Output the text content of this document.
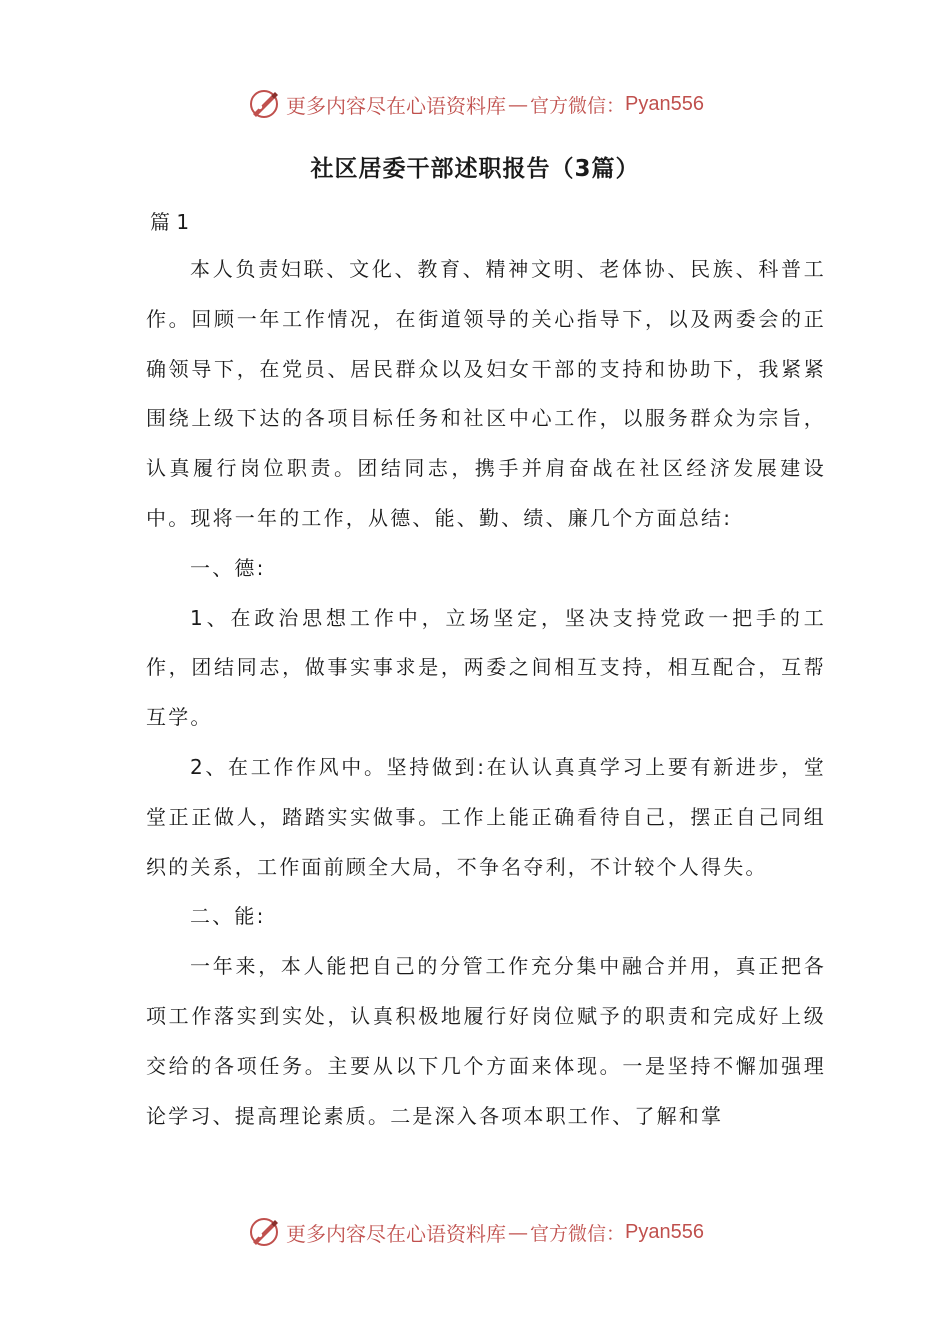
更多内容尽在心语资料库 — 官方微信： Pyan556
社区居委干部述职报告（3篇）
篇 1

本人负责妇联、文化、教育、精神文明、老体协、民族、科普工作。回顾一年工作情况，在街道领导的关心指导下，以及两委会的正确领导下，在党员、居民群众以及妇女干部的支持和协助下，我紧紧围绕上级下达的各项目标任务和社区中心工作，以服务群众为宗旨，认真履行岗位职责。团结同志，携手并肩奋战在社区经济发展建设中。现将一年的工作，从德、能、勤、绩、廉几个方面总结:

一、德:

1、在政治思想工作中，立场坚定，坚决支持党政一把手的工作，团结同志，做事实事求是，两委之间相互支持，相互配合，互帮互学。

2、在工作作风中。坚持做到:在认认真真学习上要有新进步，堂堂正正做人，踏踏实实做事。工作上能正确看待自己，摆正自己同组织的关系，工作面前顾全大局，不争名夺利，不计较个人得失。

二、能:

一年来，本人能把自己的分管工作充分集中融合并用，真正把各项工作落实到实处，认真积极地履行好岗位赋予的职责和完成好上级交给的各项任务。主要从以下几个方面来体现。一是坚持不懈加强理论学习、提高理论素质。二是深入各项本职工作、了解和掌

更多内容尽在心语资料库 — 官方微信： Pyan556
